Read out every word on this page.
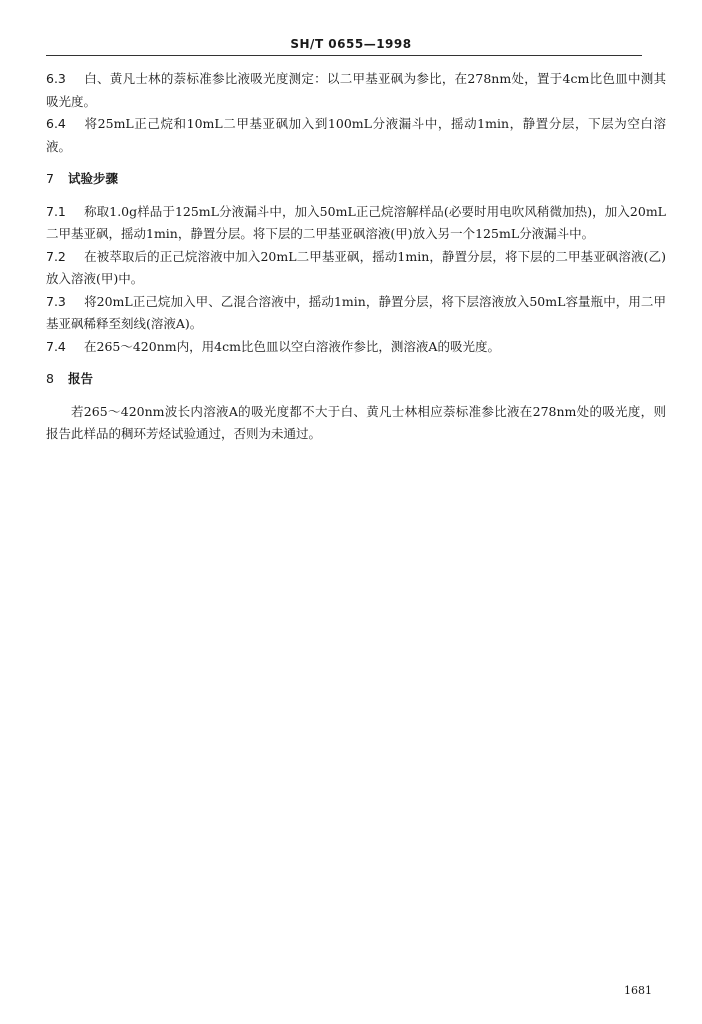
SH/T 0655—1998

6.3 白、黄凡士林的萘标准参比液吸光度测定：以二甲基亚砜为参比，在278nm处，置于4cm比色皿中测其吸光度。

6.4 将25mL正己烷和10mL二甲基亚砜加入到100mL分液漏斗中，摇动1min，静置分层，下层为空白溶液。

7 试验步骤

7.1 称取1.0g样品于125mL分液漏斗中，加入50mL正己烷溶解样品(必要时用电吹风稍微加热)，加入20mL二甲基亚砜，摇动1min，静置分层。将下层的二甲基亚砜溶液(甲)放入另一个125mL分液漏斗中。

7.2 在被萃取后的正己烷溶液中加入20mL二甲基亚砜，摇动1min，静置分层，将下层的二甲基亚砜溶液(乙)放入溶液(甲)中。

7.3 将20mL正己烷加入甲、乙混合溶液中，摇动1min，静置分层，将下层溶液放入50mL容量瓶中，用二甲基亚砜稀释至刻线(溶液A)。

7.4 在265～420nm内，用4cm比色皿以空白溶液作参比，测溶液A的吸光度。

8 报告

若265～420nm波长内溶液A的吸光度都不大于白、黄凡士林相应萘标准参比液在278nm处的吸光度，则报告此样品的稠环芳烃试验通过，否则为未通过。

1681
